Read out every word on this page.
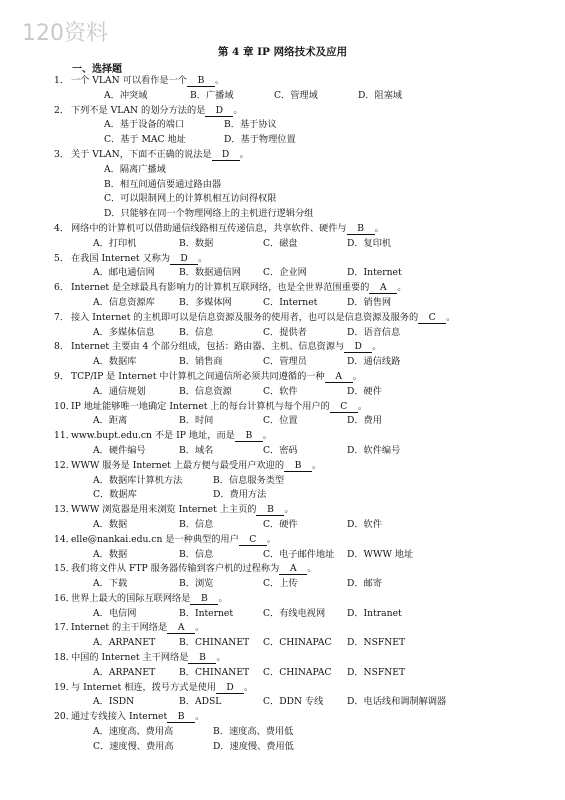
120资料
第 4 章 IP 网络技术及应用
一、选择题
1． 一个 VLAN 可以看作是一个 B 。
A．冲突域	B．广播域	C．管理域	D．阻塞域
2． 下列不是 VLAN 的划分方法的是 D 。
A．基于设备的端口	B．基于协议
C．基于 MAC 地址	D．基于物理位置
3． 关于 VLAN，下面不正确的说法是 D 。
A．隔离广播域
B．相互间通信要通过路由器
C．可以限制网上的计算机相互访问得权限
D．只能够在同一个物理网络上的主机进行逻辑分组
4． 网络中的计算机可以借助通信线路相互传递信息，共享软件、硬件与 B 。
A．打印机	B．数据	C．磁盘	D．复印机
5． 在我国 Internet 又称为 D 。
A．邮电通信网	B．数据通信网 C．企业网	D．Internet
6． Internet 是全球最具有影响力的计算机互联网络，也是全世界范围重要的 A 。
A．信息资源库	B．多媒体网	C．Internet	D．销售网
7． 接入 Internet 的主机即可以是信息资源及服务的使用者，也可以是信息资源及服务的 C 。
A．多媒体信息	B．信息	C．提供者	D．语音信息
8． Internet 主要由 4 个部分组成，包括：路由器、主机、信息资源与 D 。
A．数据库	B．销售商	C．管理员	D．通信线路
9． TCP/IP 是 Internet 中计算机之间通信所必须共同遵循的一种 A 。
A．通信规划	B．信息资源	C．软件	D．硬件
10．IP 地址能够唯一地确定 Internet 上的每台计算机与每个用户的 C 。
A．距离	B．时间	C．位置	D．费用
11．www.bupt.edu.cn 不是 IP 地址，而是 B 。
A．硬件编号	B．域名	C．密码	D．软件编号
12．WWW 服务是 Internet 上最方便与最受用户欢迎的 B 。
A．数据库计算机方法	B．信息服务类型
C．数据库	D．费用方法
13．WWW 浏览器是用来浏览 Internet 上主页的 B 。
A．数据	B．信息	C．硬件	D．软件
14．elle@nankai.edu.cn 是一种典型的用户 C 。
A．数据	B．信息	C．电子邮件地址 D．WWW 地址
15．我们将文件从 FTP 服务器传输到客户机的过程称为 A 。
A．下载	B．浏览	C．上传	D．邮寄
16．世界上最大的国际互联网络是 B 。
A．电信网	B．Internet	C．有线电视网 D．Intranet
17．Internet 的主干网络是 A 。
A．ARPANET	B．CHINANET C．CHINAPAC D．NSFNET
18．中国的 Internet 主干网络是 B 。
A．ARPANET	B．CHINANET C．CHINAPAC D．NSFNET
19．与 Internet 相连，拨号方式是使用 D 。
A．ISDN	B．ADSL	C．DDN 专线	D．电话线和调制解调器
20．通过专线接入 Internet B 。
A．速度高、费用高	B．速度高、费用低
C．速度慢、费用高	D．速度慢、费用低
